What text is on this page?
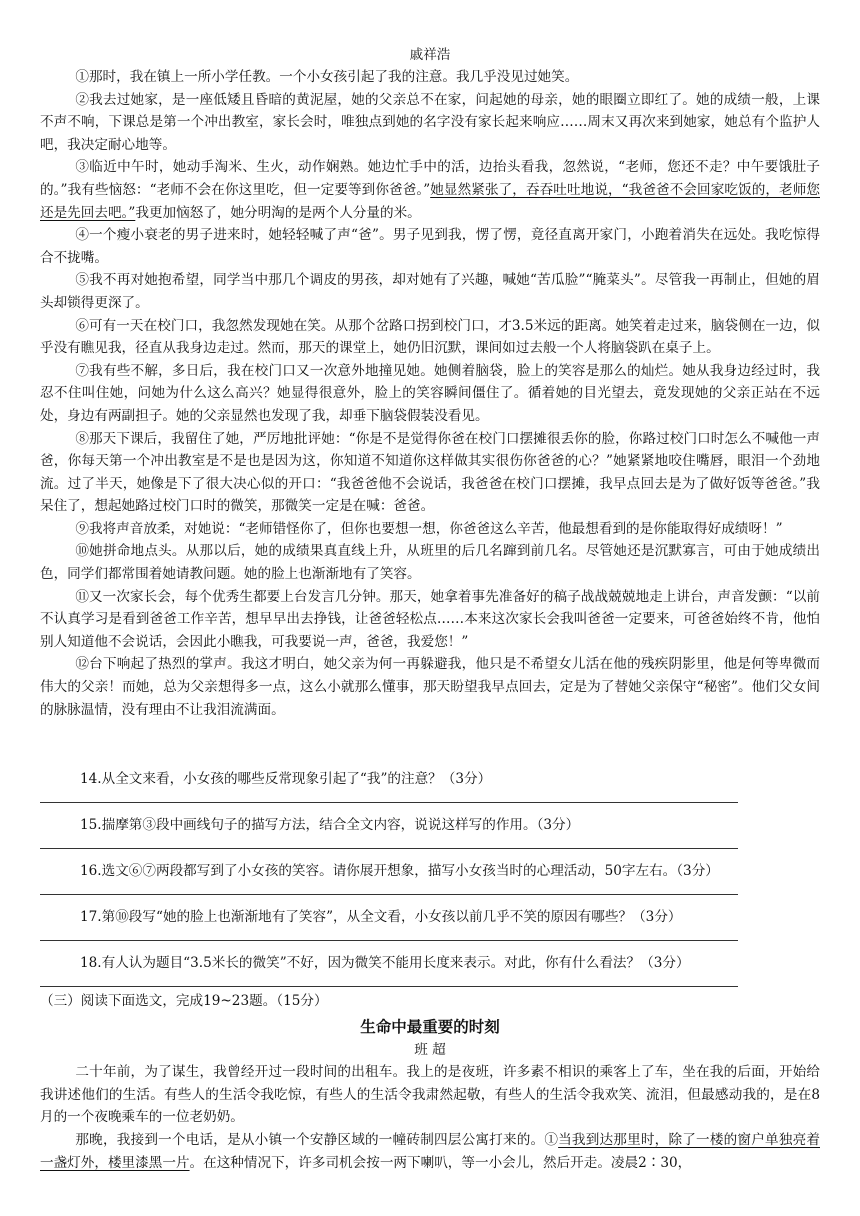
戚祥浩

①那时，我在镇上一所小学任教。一个小女孩引起了我的注意。我几乎没见过她笑。

②我去过她家，是一座低矮且昏暗的黄泥屋，她的父亲总不在家，问起她的母亲，她的眼圈立即红了。她的成绩一般，上课不声不响，下课总是第一个冲出教室，家长会时，唯独点到她的名字没有家长起来响应……周末又再次来到她家，她总有个监护人吧，我决定耐心地等。

③临近中午时，她动手淘米、生火，动作娴熟。她边忙手中的活，边抬头看我，忽然说，“老师，您还不走？中午要饿肚子的。”我有些恼怒：“老师不会在你这里吃，但一定要等到你爸爸。”她显然紧张了，吞吞吐吐地说，“我爸爸不会回家吃饭的，老师您还是先回去吧。”我更加恼怒了，她分明淘的是两个人分量的米。

④一个瘦小衰老的男子进来时，她轻轻喊了声“爸”。男子见到我，愣了愣，竟径直离开家门，小跑着消失在远处。我吃惊得合不拢嘴。

⑤我不再对她抱希望，同学当中那几个调皮的男孩，却对她有了兴趣，喊她“苦瓜脸”“腌菜头”。尽管我一再制止，但她的眉头却锁得更深了。

⑥可有一天在校门口，我忽然发现她在笑。从那个岔路口拐到校门口，才3.5米远的距离。她笑着走过来，脑袋侧在一边，似乎没有瞧见我，径直从我身边走过。然而，那天的课堂上，她仍旧沉默，课间如过去般一个人将脑袋趴在桌子上。

⑦我有些不解，多日后，我在校门口又一次意外地撞见她。她侧着脑袋，脸上的笑容是那么的灿烂。她从我身边经过时，我忍不住叫住她，问她为什么这么高兴？她显得很意外，脸上的笑容瞬间僵住了。循着她的目光望去，竟发现她的父亲正站在不远处，身边有两副担子。她的父亲显然也发现了我，却垂下脑袋假装没看见。

⑧那天下课后，我留住了她，严厉地批评她：“你是不是觉得你爸在校门口摆摊很丢你的脸，你路过校门口时怎么不喊他一声爸，你每天第一个冲出教室是不是也是因为这，你知道不知道你这样做其实很伤你爸爸的心？”她紧紧地咬住嘴唇，眼泪一个劲地流。过了半天，她像是下了很大决心似的开口：“我爸爸他不会说话，我爸爸在校门口摆摊，我早点回去是为了做好饭等爸爸。”我呆住了，想起她路过校门口时的微笑，那微笑一定是在喊：爸爸。

⑨我将声音放柔，对她说：“老师错怪你了，但你也要想一想，你爸爸这么辛苦，他最想看到的是你能取得好成绩呀！”

⑩她拼命地点头。从那以后，她的成绩果真直线上升，从班里的后几名蹿到前几名。尽管她还是沉默寡言，可由于她成绩出色，同学们都常围着她请教问题。她的脸上也渐渐地有了笑容。

⑪又一次家长会，每个优秀生都要上台发言几分钟。那天，她拿着事先准备好的稿子战战兢兢地走上讲台，声音发颤：“以前不认真学习是看到爸爸工作辛苦，想早早出去挣钱，让爸爸轻松点……本来这次家长会我叫爸爸一定要来，可爸爸始终不肯，他怕别人知道他不会说话，会因此小瞧我，可我要说一声，爸爸，我爱您！”

⑫台下响起了热烈的掌声。我这才明白，她父亲为何一再躲避我，他只是不希望女儿活在他的残疾阴影里，他是何等卑微而伟大的父亲！而她，总为父亲想得多一点，这么小就那么懂事，那天盼望我早点回去，定是为了替她父亲保守“秘密”。他们父女间的脉脉温情，没有理由不让我泪流满面。

14.从全文来看，小女孩的哪些反常现象引起了“我”的注意？（3分）
15.揣摩第③段中画线句子的描写方法，结合全文内容，说说这样写的作用。（3分）
16.选文⑥⑦两段都写到了小女孩的笑容。请你展开想象，描写小女孩当时的心理活动，50字左右。（3分）
17.第⑩段写“她的脸上也渐渐地有了笑容”，从全文看，小女孩以前几乎不笑的原因有哪些？（3分）
18.有人认为题目“3.5米长的微笑”不好，因为微笑不能用长度来表示。对此，你有什么看法？（3分）

（三）阅读下面选文，完成19~23题。（15分）

生命中最重要的时刻

班 超

二十年前，为了谋生，我曾经开过一段时间的出租车。我上的是夜班，许多素不相识的乘客上了车，坐在我的后面，开始给我讲述他们的生活。有些人的生活令我吃惊，有些人的生活令我肃然起敬，有些人的生活令我欢笑、流泪，但最感动我的，是在8月的一个夜晚乘车的一位老奶奶。

那晚，我接到一个电话，是从小镇一个安静区域的一幢砖制四层公寓打来的。①当我到达那里时，除了一楼的窗户单独亮着一盏灯外，楼里漆黑一片。在这种情况下，许多司机会按一两下喇叭，等一小会儿，然后开走。凌晨2∶30，
